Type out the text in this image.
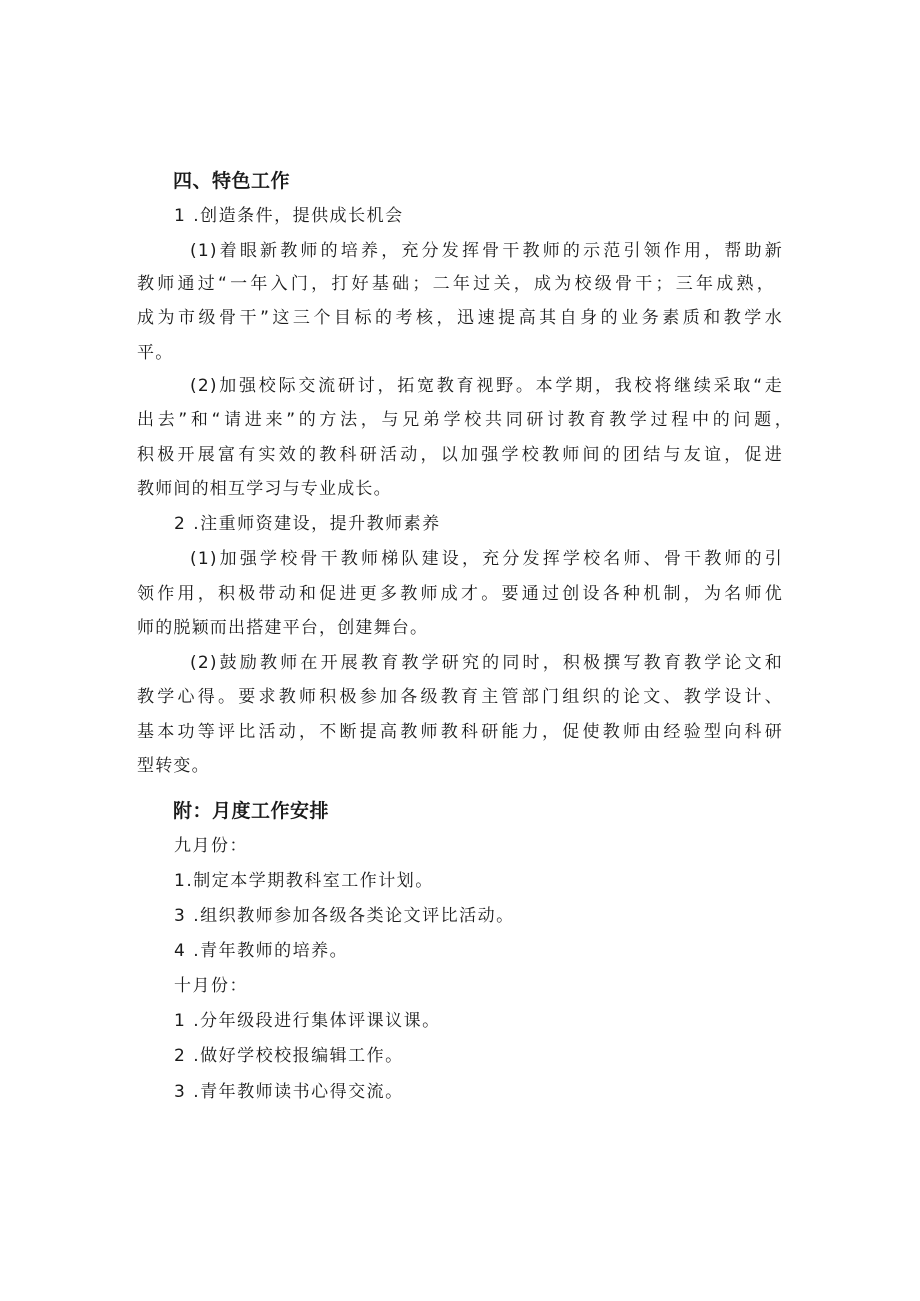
四、特色工作
1 .创造条件，提供成长机会
(1)着眼新教师的培养，充分发挥骨干教师的示范引领作用，帮助新
教师通过“一年入门，打好基础；二年过关，成为校级骨干；三年成熟，
成为市级骨干”这三个目标的考核，迅速提高其自身的业务素质和教学水
平。
(2)加强校际交流研讨，拓宽教育视野。本学期，我校将继续采取“走
出去”和“请进来”的方法，与兄弟学校共同研讨教育教学过程中的问题，
积极开展富有实效的教科研活动，以加强学校教师间的团结与友谊，促进
教师间的相互学习与专业成长。
2 .注重师资建设，提升教师素养
(1)加强学校骨干教师梯队建设，充分发挥学校名师、骨干教师的引
领作用，积极带动和促进更多教师成才。要通过创设各种机制，为名师优
师的脱颖而出搭建平台，创建舞台。
(2)鼓励教师在开展教育教学研究的同时，积极撰写教育教学论文和
教学心得。要求教师积极参加各级教育主管部门组织的论文、教学设计、
基本功等评比活动，不断提高教师教科研能力，促使教师由经验型向科研
型转变。
附：月度工作安排
九月份：
1.制定本学期教科室工作计划。
3 .组织教师参加各级各类论文评比活动。
4 .青年教师的培养。
十月份：
1 .分年级段进行集体评课议课。
2 .做好学校校报编辑工作。
3 .青年教师读书心得交流。
